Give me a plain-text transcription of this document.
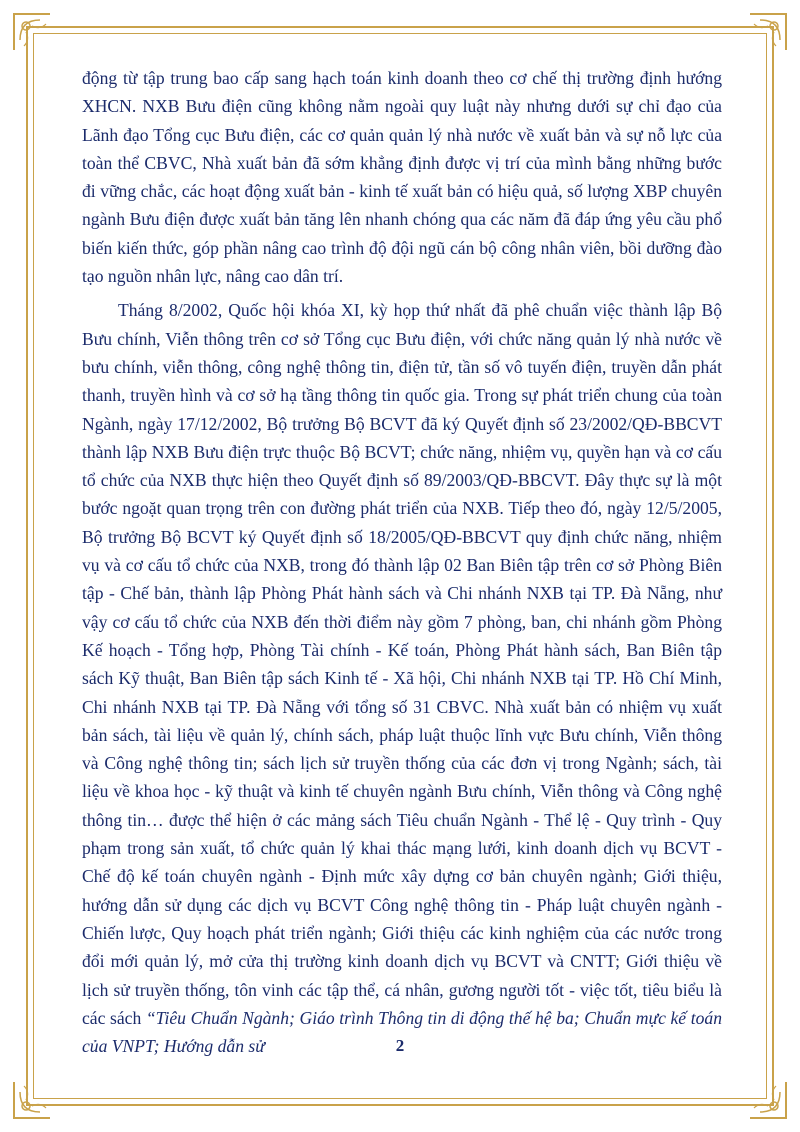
động từ tập trung bao cấp sang hạch toán kinh doanh theo cơ chế thị trường định hướng XHCN. NXB Bưu điện cũng không nằm ngoài quy luật này nhưng dưới sự chỉ đạo của Lãnh đạo Tổng cục Bưu điện, các cơ quản quản lý nhà nước về xuất bản và sự nỗ lực của toàn thể CBVC, Nhà xuất bản đã sớm khẳng định được vị trí của mình bằng những bước đi vững chắc, các hoạt động xuất bản - kinh tế xuất bản có hiệu quả, số lượng XBP chuyên ngành Bưu điện được xuất bản tăng lên nhanh chóng qua các năm đã đáp ứng yêu cầu phổ biến kiến thức, góp phần nâng cao trình độ đội ngũ cán bộ công nhân viên, bồi dưỡng đào tạo nguồn nhân lực, nâng cao dân trí.

Tháng 8/2002, Quốc hội khóa XI, kỳ họp thứ nhất đã phê chuẩn việc thành lập Bộ Bưu chính, Viễn thông trên cơ sở Tổng cục Bưu điện, với chức năng quản lý nhà nước về bưu chính, viễn thông, công nghệ thông tin, điện tử, tần số vô tuyến điện, truyền dẫn phát thanh, truyền hình và cơ sở hạ tầng thông tin quốc gia. Trong sự phát triển chung của toàn Ngành, ngày 17/12/2002, Bộ trưởng Bộ BCVT đã ký Quyết định số 23/2002/QĐ-BBCVT thành lập NXB Bưu điện trực thuộc Bộ BCVT; chức năng, nhiệm vụ, quyền hạn và cơ cấu tổ chức của NXB thực hiện theo Quyết định số 89/2003/QĐ-BBCVT. Đây thực sự là một bước ngoặt quan trọng trên con đường phát triển của NXB. Tiếp theo đó, ngày 12/5/2005, Bộ trưởng Bộ BCVT ký Quyết định số 18/2005/QĐ-BBCVT quy định chức năng, nhiệm vụ và cơ cấu tổ chức của NXB, trong đó thành lập 02 Ban Biên tập trên cơ sở Phòng Biên tập - Chế bản, thành lập Phòng Phát hành sách và Chi nhánh NXB tại TP. Đà Nẵng, như vậy cơ cấu tổ chức của NXB đến thời điểm này gồm 7 phòng, ban, chi nhánh gồm Phòng Kế hoạch - Tổng hợp, Phòng Tài chính - Kế toán, Phòng Phát hành sách, Ban Biên tập sách Kỹ thuật, Ban Biên tập sách Kinh tế - Xã hội, Chi nhánh NXB tại TP. Hồ Chí Minh, Chi nhánh NXB tại TP. Đà Nẵng với tổng số 31 CBVC. Nhà xuất bản có nhiệm vụ xuất bản sách, tài liệu về quản lý, chính sách, pháp luật thuộc lĩnh vực Bưu chính, Viễn thông và Công nghệ thông tin; sách lịch sử truyền thống của các đơn vị trong Ngành; sách, tài liệu về khoa học - kỹ thuật và kinh tế chuyên ngành Bưu chính, Viễn thông và Công nghệ thông tin… được thể hiện ở các mảng sách Tiêu chuẩn Ngành - Thể lệ - Quy trình - Quy phạm trong sản xuất, tổ chức quản lý khai thác mạng lưới, kinh doanh dịch vụ BCVT - Chế độ kế toán chuyên ngành - Định mức xây dựng cơ bản chuyên ngành; Giới thiệu, hướng dẫn sử dụng các dịch vụ BCVT Công nghệ thông tin - Pháp luật chuyên ngành - Chiến lược, Quy hoạch phát triển ngành; Giới thiệu các kinh nghiệm của các nước trong đổi mới quản lý, mở cửa thị trường kinh doanh dịch vụ BCVT và CNTT; Giới thiệu về lịch sử truyền thống, tôn vinh các tập thể, cá nhân, gương người tốt - việc tốt, tiêu biểu là các sách “Tiêu Chuẩn Ngành; Giáo trình Thông tin di động thế hệ ba; Chuẩn mực kế toán của VNPT; Hướng dẫn sử	2
